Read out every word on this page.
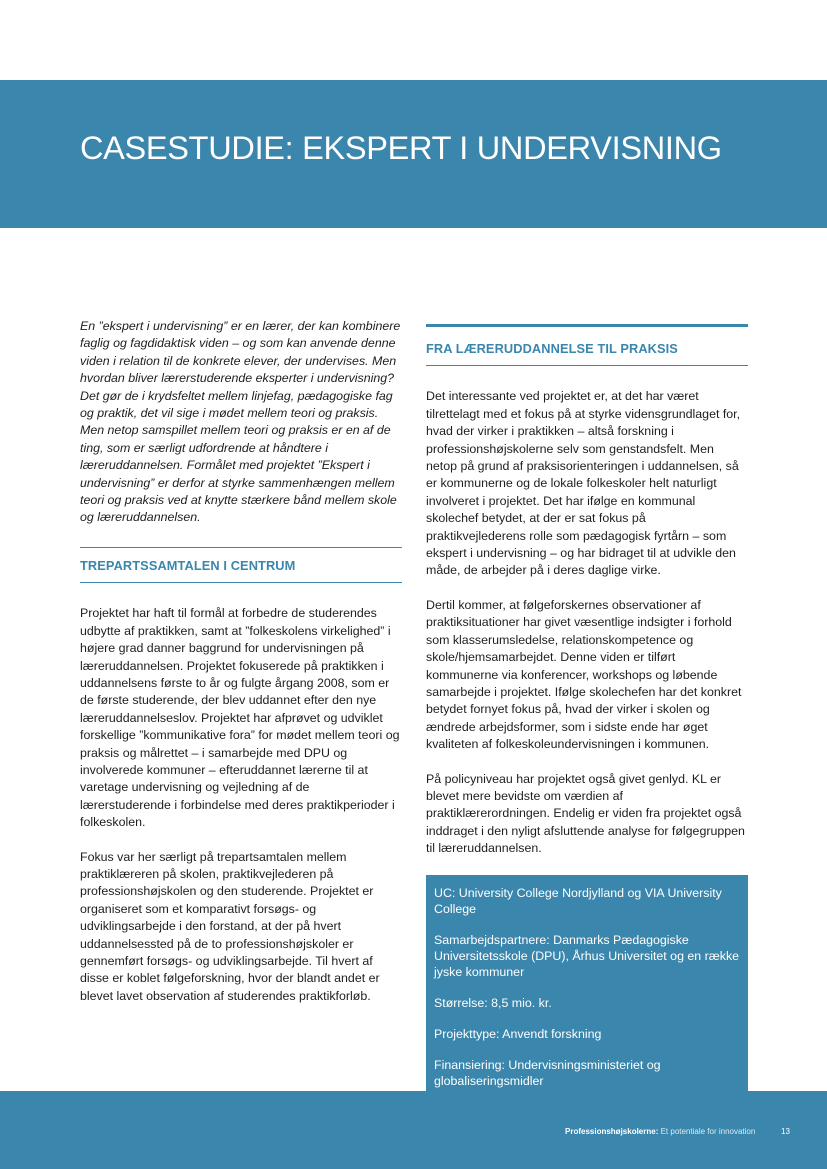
CASESTUDIE: EKSPERT I UNDERVISNING

En ”ekspert i undervisning” er en lærer, der kan kombinere faglig og fagdidaktisk viden – og som kan anvende denne viden i relation til de konkrete elever, der undervises. Men hvordan bliver lærerstuderende eksperter i undervisning? Det gør de i krydsfeltet mellem linjefag, pædagogiske fag og praktik, det vil sige i mødet mellem teori og praksis. Men netop samspillet mellem teori og praksis er en af de ting, som er særligt udfordrende at håndtere i læreruddannelsen. Formålet med projektet ”Ekspert i undervisning” er derfor at styrke sammenhængen mellem teori og praksis ved at knytte stærkere bånd mellem skole og læreruddannelsen.

TREPARTSSAMTALEN I CENTRUM

Projektet har haft til formål at forbedre de studerendes udbytte af praktikken, samt at ”folkeskolens virkelighed” i højere grad danner baggrund for undervisningen på læreruddannelsen. Projektet fokuserede på praktikken i uddannelsens første to år og fulgte årgang 2008, som er de første studerende, der blev uddannet efter den nye læreruddannelseslov. Projektet har afprøvet og udviklet forskellige ”kommunikative fora” for mødet mellem teori og praksis og målrettet – i samarbejde med DPU og involverede kommuner – efteruddannet lærerne til at varetage undervisning og vejledning af de lærerstuderende i forbindelse med deres praktikperioder i folkeskolen.

Fokus var her særligt på trepartsamtalen mellem praktiklæreren på skolen, praktikvejlederen på professionshøjskolen og den studerende. Projektet er organiseret som et komparativt forsøgs- og udviklingsarbejde i den forstand, at der på hvert uddannelsessted på de to professionshøjskoler er gennemført forsøgs- og udviklingsarbejde. Til hvert af disse er koblet følgeforskning, hvor der blandt andet er blevet lavet observation af studerendes praktikforløb.

FRA LÆRERUDDANNELSE TIL PRAKSIS

Det interessante ved projektet er, at det har været tilrettelagt med et fokus på at styrke vidensgrundlaget for, hvad der virker i praktikken – altså forskning i professionshøjskolerne selv som genstandsfelt. Men netop på grund af praksisorienteringen i uddannelsen, så er kommunerne og de lokale folkeskoler helt naturligt involveret i projektet. Det har ifølge en kommunal skolechef betydet, at der er sat fokus på praktikvejlederens rolle som pædagogisk fyrtårn – som ekspert i undervisning – og har bidraget til at udvikle den måde, de arbejder på i deres daglige virke.

Dertil kommer, at følgeforskernes observationer af praktiksituationer har givet væsentlige indsigter i forhold som klasserumsledelse, relationskompetence og skole/hjemsamarbejdet. Denne viden er tilført kommunerne via konferencer, workshops og løbende samarbejde i projektet. Ifølge skolechefen har det konkret betydet fornyet fokus på, hvad der virker i skolen og ændrede arbejdsformer, som i sidste ende har øget kvaliteten af folkeskoleundervisningen i kommunen.

På policyniveau har projektet også givet genlyd. KL er blevet mere bevidste om værdien af praktiklærerordningen. Endelig er viden fra projektet også inddraget i den nyligt afsluttende analyse for følgegruppen til læreruddannelsen.

UC: University College Nordjylland og VIA University College
Samarbejdspartnere: Danmarks Pædagogiske Universitetsskole (DPU), Århus Universitet og en række jyske kommuner
Størrelse: 8,5 mio. kr.
Projekttype: Anvendt forskning
Finansiering: Undervisningsministeriet og globaliseringsmidler
Professionshøjskolerne: Et potentiale for innovation	13
